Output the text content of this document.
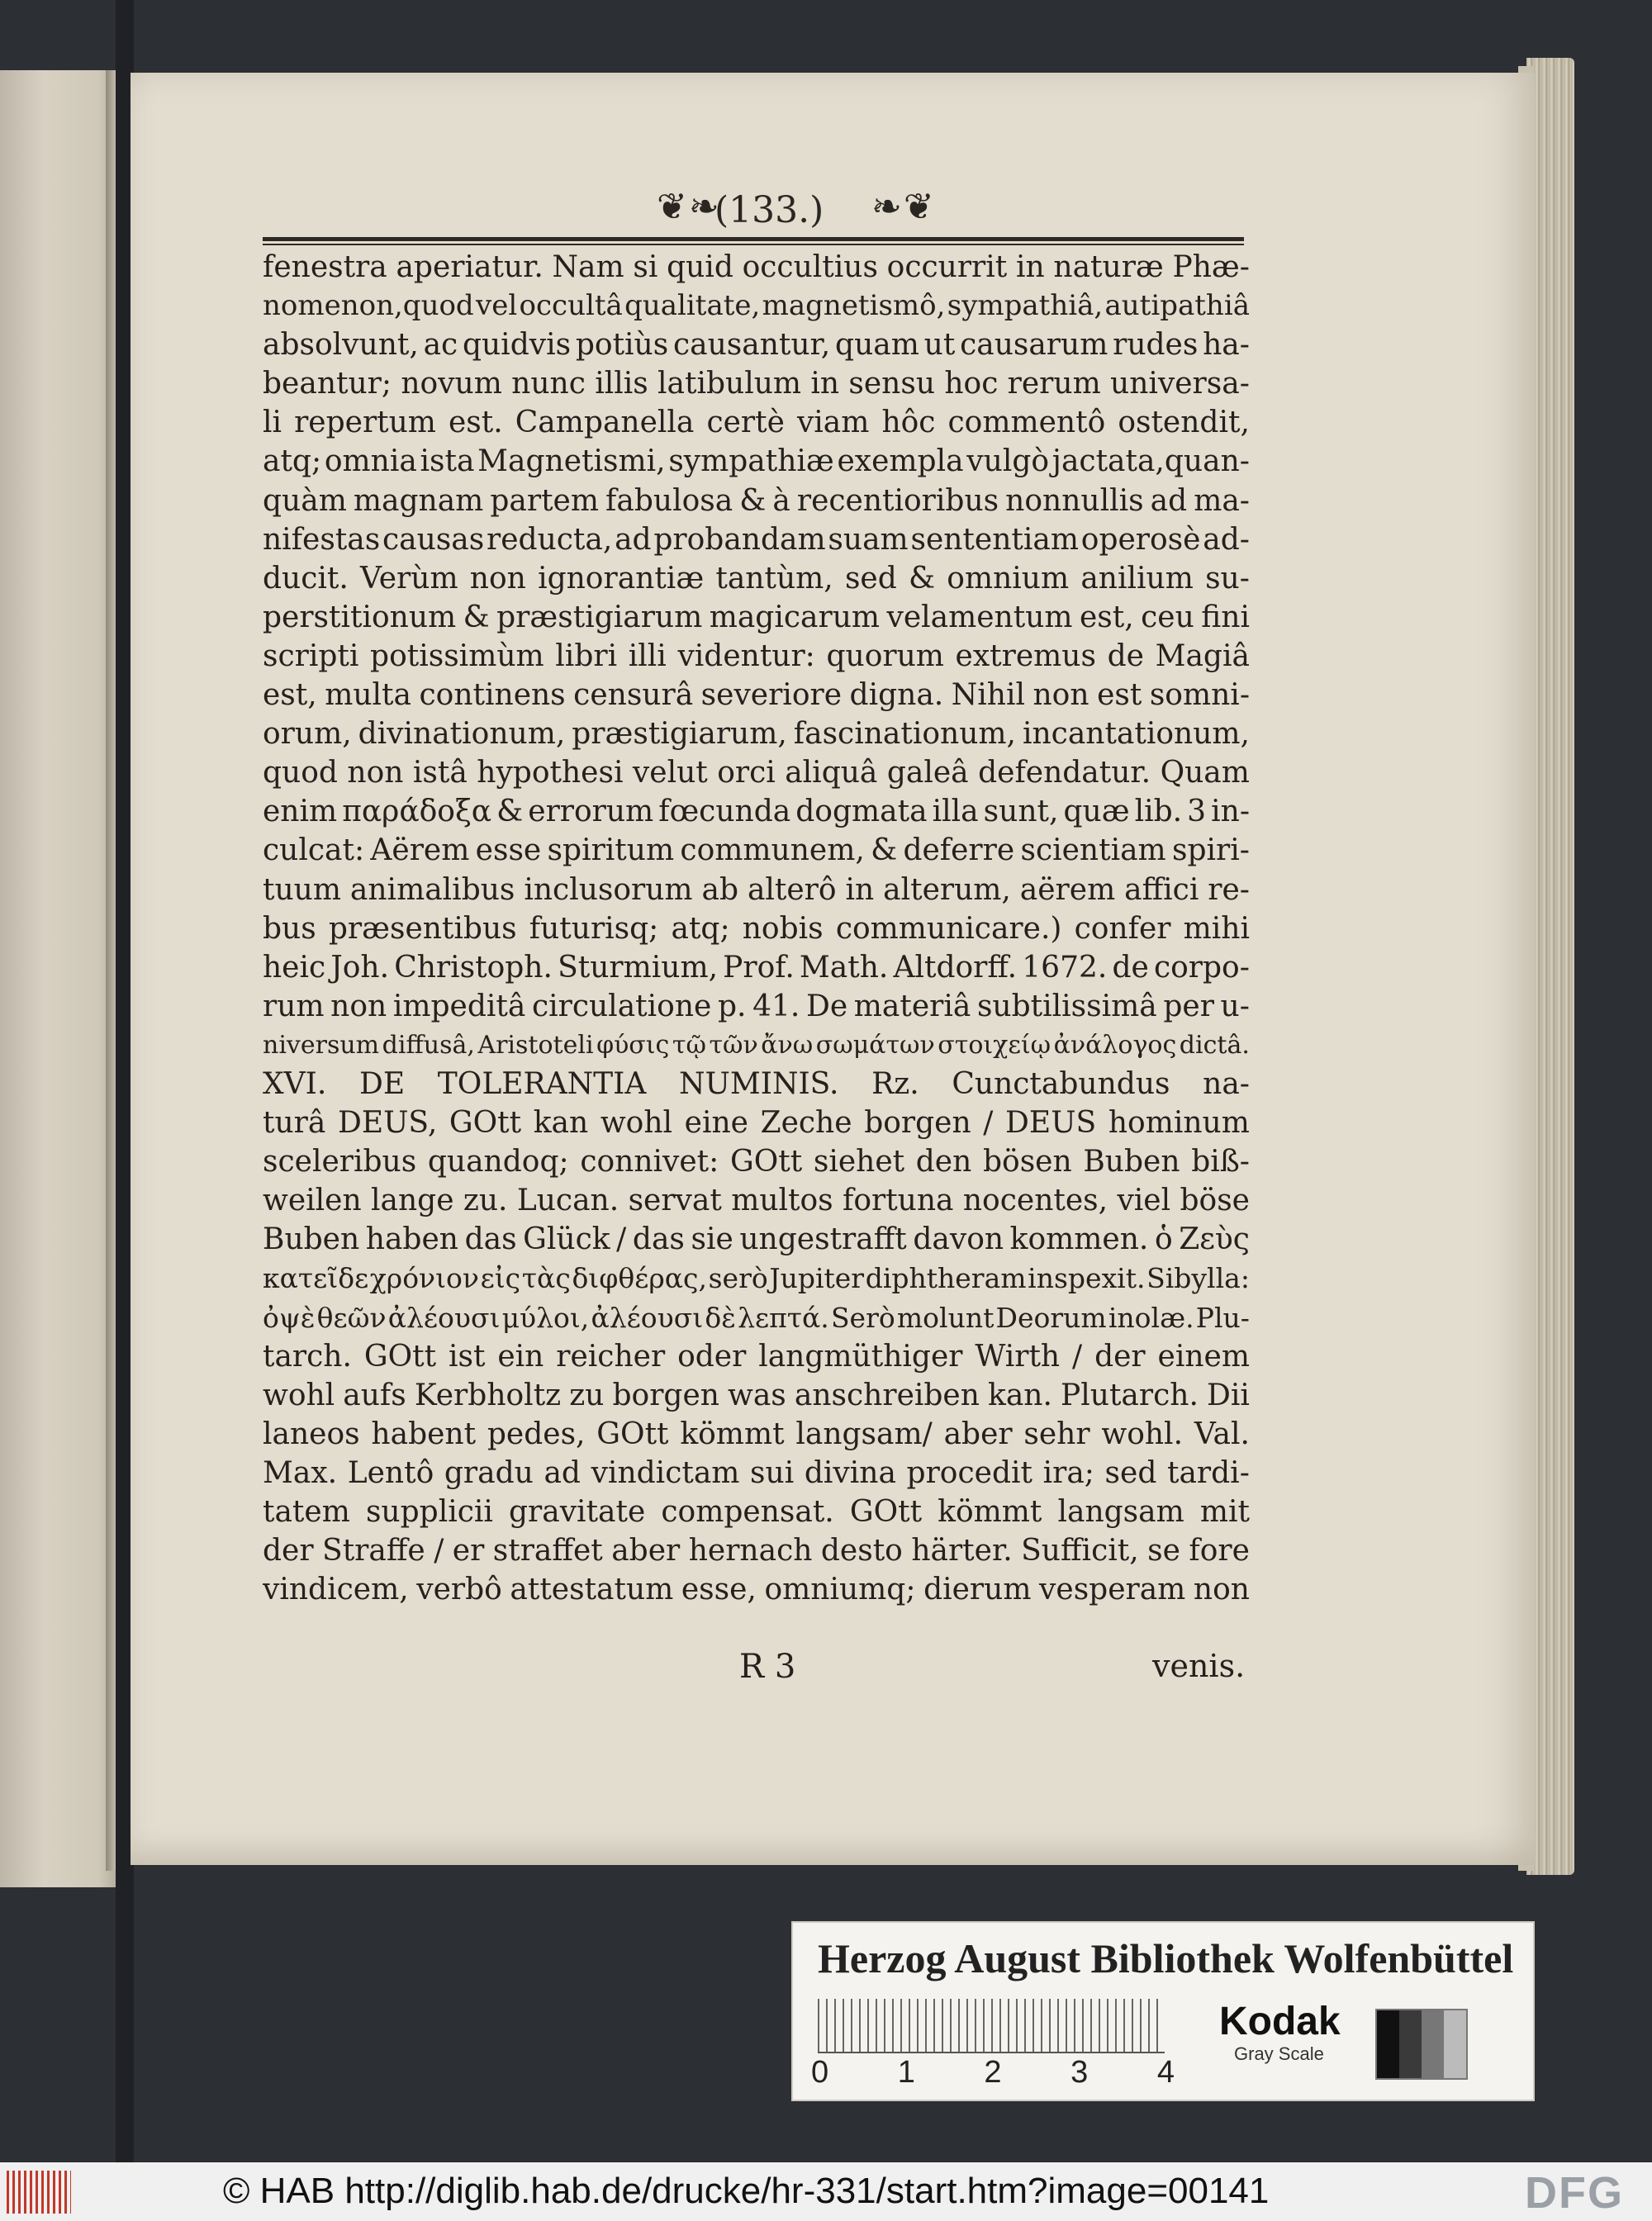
❦❧
(133.) ❧❦
fenestra aperiatur. Nam si quid occultius occurrit in naturæ Phæ-
nomenon,quod vel occultâ qualitate, magnetismô, sympathiâ, autipathiâ
absolvunt, ac quidvis potiùs causantur, quam ut causarum rudes ha-
beantur; novum nunc illis latibulum in sensu hoc rerum universa-
li repertum est. Campanella certè viam hôc commentô ostendit,
atq; omnia ista Magnetismi, sympathiæ exempla vulgò jactata,quan-
quàm magnam partem fabulosa & à recentioribus nonnullis ad ma-
nifestas causas reducta, ad probandam suam sententiam operosè ad-
ducit. Verùm non ignorantiæ tantùm, sed & omnium anilium su-
perstitionum & præstigiarum magicarum velamentum est, ceu fini
scripti potissimùm libri illi videntur: quorum extremus de Magiâ
est, multa continens censurâ severiore digna. Nihil non est somni-
orum, divinationum, præstigiarum, fascinationum, incantationum,
quod non istâ hypothesi velut orci aliquâ galeâ defendatur. Quam
enim παράδοξα & errorum fœcunda dogmata illa sunt, quæ lib. 3 in-
culcat: Aërem esse spiritum communem, & deferre scientiam spiri-
tuum animalibus inclusorum ab alterô in alterum, aërem affici re-
bus præsentibus futurisq; atq; nobis communicare.) confer mihi
heic Joh. Christoph. Sturmium, Prof. Math. Altdorff. 1672. de corpo-
rum non impeditâ circulatione p. 41. De materiâ subtilissimâ per u-
niversum diffusâ, Aristoteli φύσις τῷ τῶν ἄνω σωμάτων στοιχείῳ ἀνάλογος dictâ.
XVI. DE TOLERANTIA NUMINIS. Rz. Cunctabundus na-
turâ DEUS, GOtt kan wohl eine Zeche borgen / DEUS hominum
sceleribus quandoq; connivet: GOtt siehet den bösen Buben biß-
weilen lange zu. Lucan. servat multos fortuna nocentes, viel böse
Buben haben das Glück / das sie ungestrafft davon kommen. ὁ Ζεὺς
κατεῖδε χρόνιον εἰς τὰς διφθέρας, serò Jupiter diphtheram inspexit. Sibylla:
ὀψὲ θεῶν ἀλέουσι μύλοι, ἀλέουσι δὲ λεπτά. Serò molunt Deorum inolæ. Plu-
tarch. GOtt ist ein reicher oder langmüthiger Wirth / der einem
wohl aufs Kerbholtz zu borgen was anschreiben kan. Plutarch. Dii
laneos habent pedes, GOtt kömmt langsam/ aber sehr wohl. Val.
Max. Lentô gradu ad vindictam sui divina procedit ira; sed tardi-
tatem supplicii gravitate compensat. GOtt kömmt langsam mit
der Straffe / er straffet aber hernach desto härter. Sufficit, se fore
vindicem, verbô attestatum esse, omniumq; dierum vesperam non
R 3	venis.
Herzog August Bibliothek Wolfenbüttel
0 1 2 3 4
Kodak
Gray Scale
© HAB http://diglib.hab.de/drucke/hr-331/start.htm?image=00141	DFG
